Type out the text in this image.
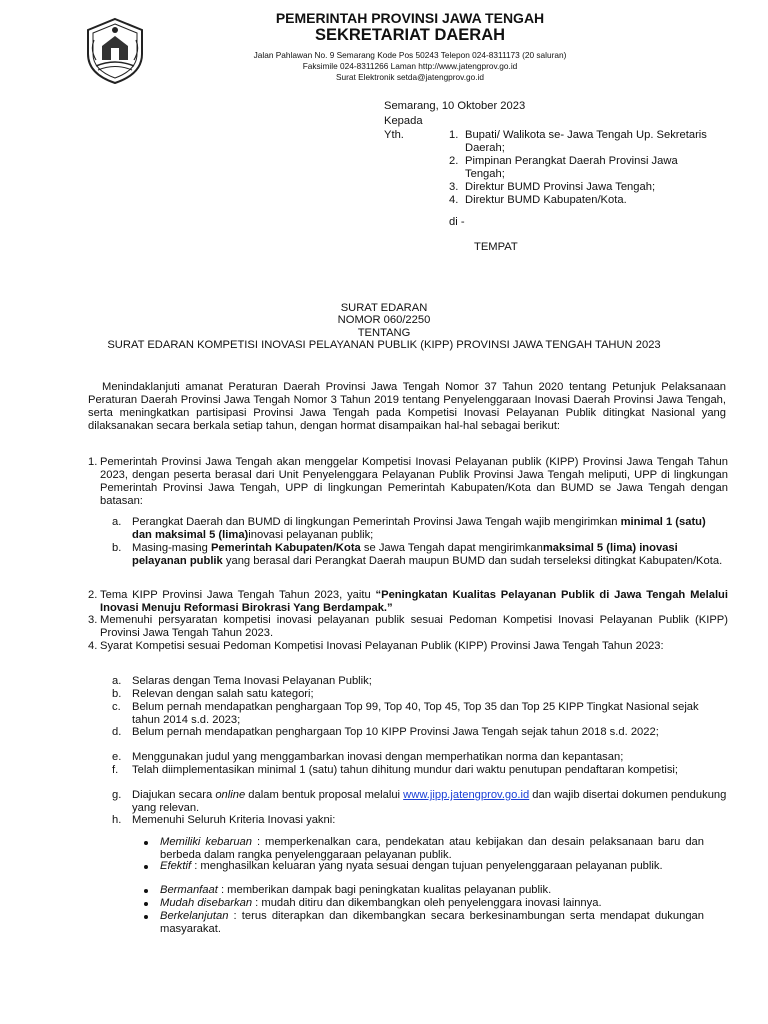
PEMERINTAH PROVINSI JAWA TENGAH
SEKRETARIAT DAERAH
Jalan Pahlawan No. 9 Semarang Kode Pos 50243 Telepon 024-8311173 (20 saluran)
Faksimile 024-8311266 Laman http://www.jatengprov.go.id
Surat Elektronik setda@jatengprov.go.id
Semarang, 10 Oktober 2023
Kepada
Yth.	1. Bupati/ Walikota se- Jawa Tengah Up. Sekretaris Daerah;
2. Pimpinan Perangkat Daerah Provinsi Jawa Tengah;
3. Direktur BUMD Provinsi Jawa Tengah;
4. Direktur BUMD Kabupaten/Kota.
di -
TEMPAT
SURAT EDARAN
NOMOR 060/2250
TENTANG
SURAT EDARAN KOMPETISI INOVASI PELAYANAN PUBLIK (KIPP) PROVINSI JAWA TENGAH TAHUN 2023
Menindaklanjuti amanat Peraturan Daerah Provinsi Jawa Tengah Nomor 37 Tahun 2020 tentang Petunjuk Pelaksanaan Peraturan Daerah Provinsi Jawa Tengah Nomor 3 Tahun 2019 tentang Penyelenggaraan Inovasi Daerah Provinsi Jawa Tengah, serta meningkatkan partisipasi Provinsi Jawa Tengah pada Kompetisi Inovasi Pelayanan Publik ditingkat Nasional yang dilaksanakan secara berkala setiap tahun, dengan hormat disampaikan hal-hal sebagai berikut:
1. Pemerintah Provinsi Jawa Tengah akan menggelar Kompetisi Inovasi Pelayanan publik (KIPP) Provinsi Jawa Tengah Tahun 2023, dengan peserta berasal dari Unit Penyelenggara Pelayanan Publik Provinsi Jawa Tengah meliputi, UPP di lingkungan Pemerintah Provinsi Jawa Tengah, UPP di lingkungan Pemerintah Kabupaten/Kota dan BUMD se Jawa Tengah dengan batasan:
a. Perangkat Daerah dan BUMD di lingkungan Pemerintah Provinsi Jawa Tengah wajib mengirimkan minimal 1 (satu) dan maksimal 5 (lima)inovasi pelayanan publik;
b. Masing-masing Pemerintah Kabupaten/Kota se Jawa Tengah dapat mengirimkanmaksimal 5 (lima) inovasi pelayanan publik yang berasal dari Perangkat Daerah maupun BUMD dan sudah terseleksi ditingkat Kabupaten/Kota.
2. Tema KIPP Provinsi Jawa Tengah Tahun 2023, yaitu “Peningkatan Kualitas Pelayanan Publik di Jawa Tengah Melalui Inovasi Menuju Reformasi Birokrasi Yang Berdampak.”
3. Memenuhi persyaratan kompetisi inovasi pelayanan publik sesuai Pedoman Kompetisi Inovasi Pelayanan Publik (KIPP) Provinsi Jawa Tengah Tahun 2023.
4. Syarat Kompetisi sesuai Pedoman Kompetisi Inovasi Pelayanan Publik (KIPP) Provinsi Jawa Tengah Tahun 2023:
a. Selaras dengan Tema Inovasi Pelayanan Publik;
b. Relevan dengan salah satu kategori;
c. Belum pernah mendapatkan penghargaan Top 99, Top 40, Top 45, Top 35 dan Top 25 KIPP Tingkat Nasional sejak tahun 2014 s.d. 2023;
d. Belum pernah mendapatkan penghargaan Top 10 KIPP Provinsi Jawa Tengah sejak tahun 2018 s.d. 2022;
e. Menggunakan judul yang menggambarkan inovasi dengan memperhatikan norma dan kepantasan;
f. Telah diimplementasikan minimal 1 (satu) tahun dihitung mundur dari waktu penutupan pendaftaran kompetisi;
g. Diajukan secara online dalam bentuk proposal melalui www.jipp.jatengprov.go.id dan wajib disertai dokumen pendukung yang relevan.
h. Memenuhi Seluruh Kriteria Inovasi yakni:
Memiliki kebaruan : memperkenalkan cara, pendekatan atau kebijakan dan desain pelaksanaan baru dan berbeda dalam rangka penyelenggaraan pelayanan publik.
Efektif : menghasilkan keluaran yang nyata sesuai dengan tujuan penyelenggaraan pelayanan publik.
Bermanfaat : memberikan dampak bagi peningkatan kualitas pelayanan publik.
Mudah disebarkan : mudah ditiru dan dikembangkan oleh penyelenggara inovasi lainnya.
Berkelanjutan : terus diterapkan dan dikembangkan secara berkesinambungan serta mendapat dukungan masyarakat.
